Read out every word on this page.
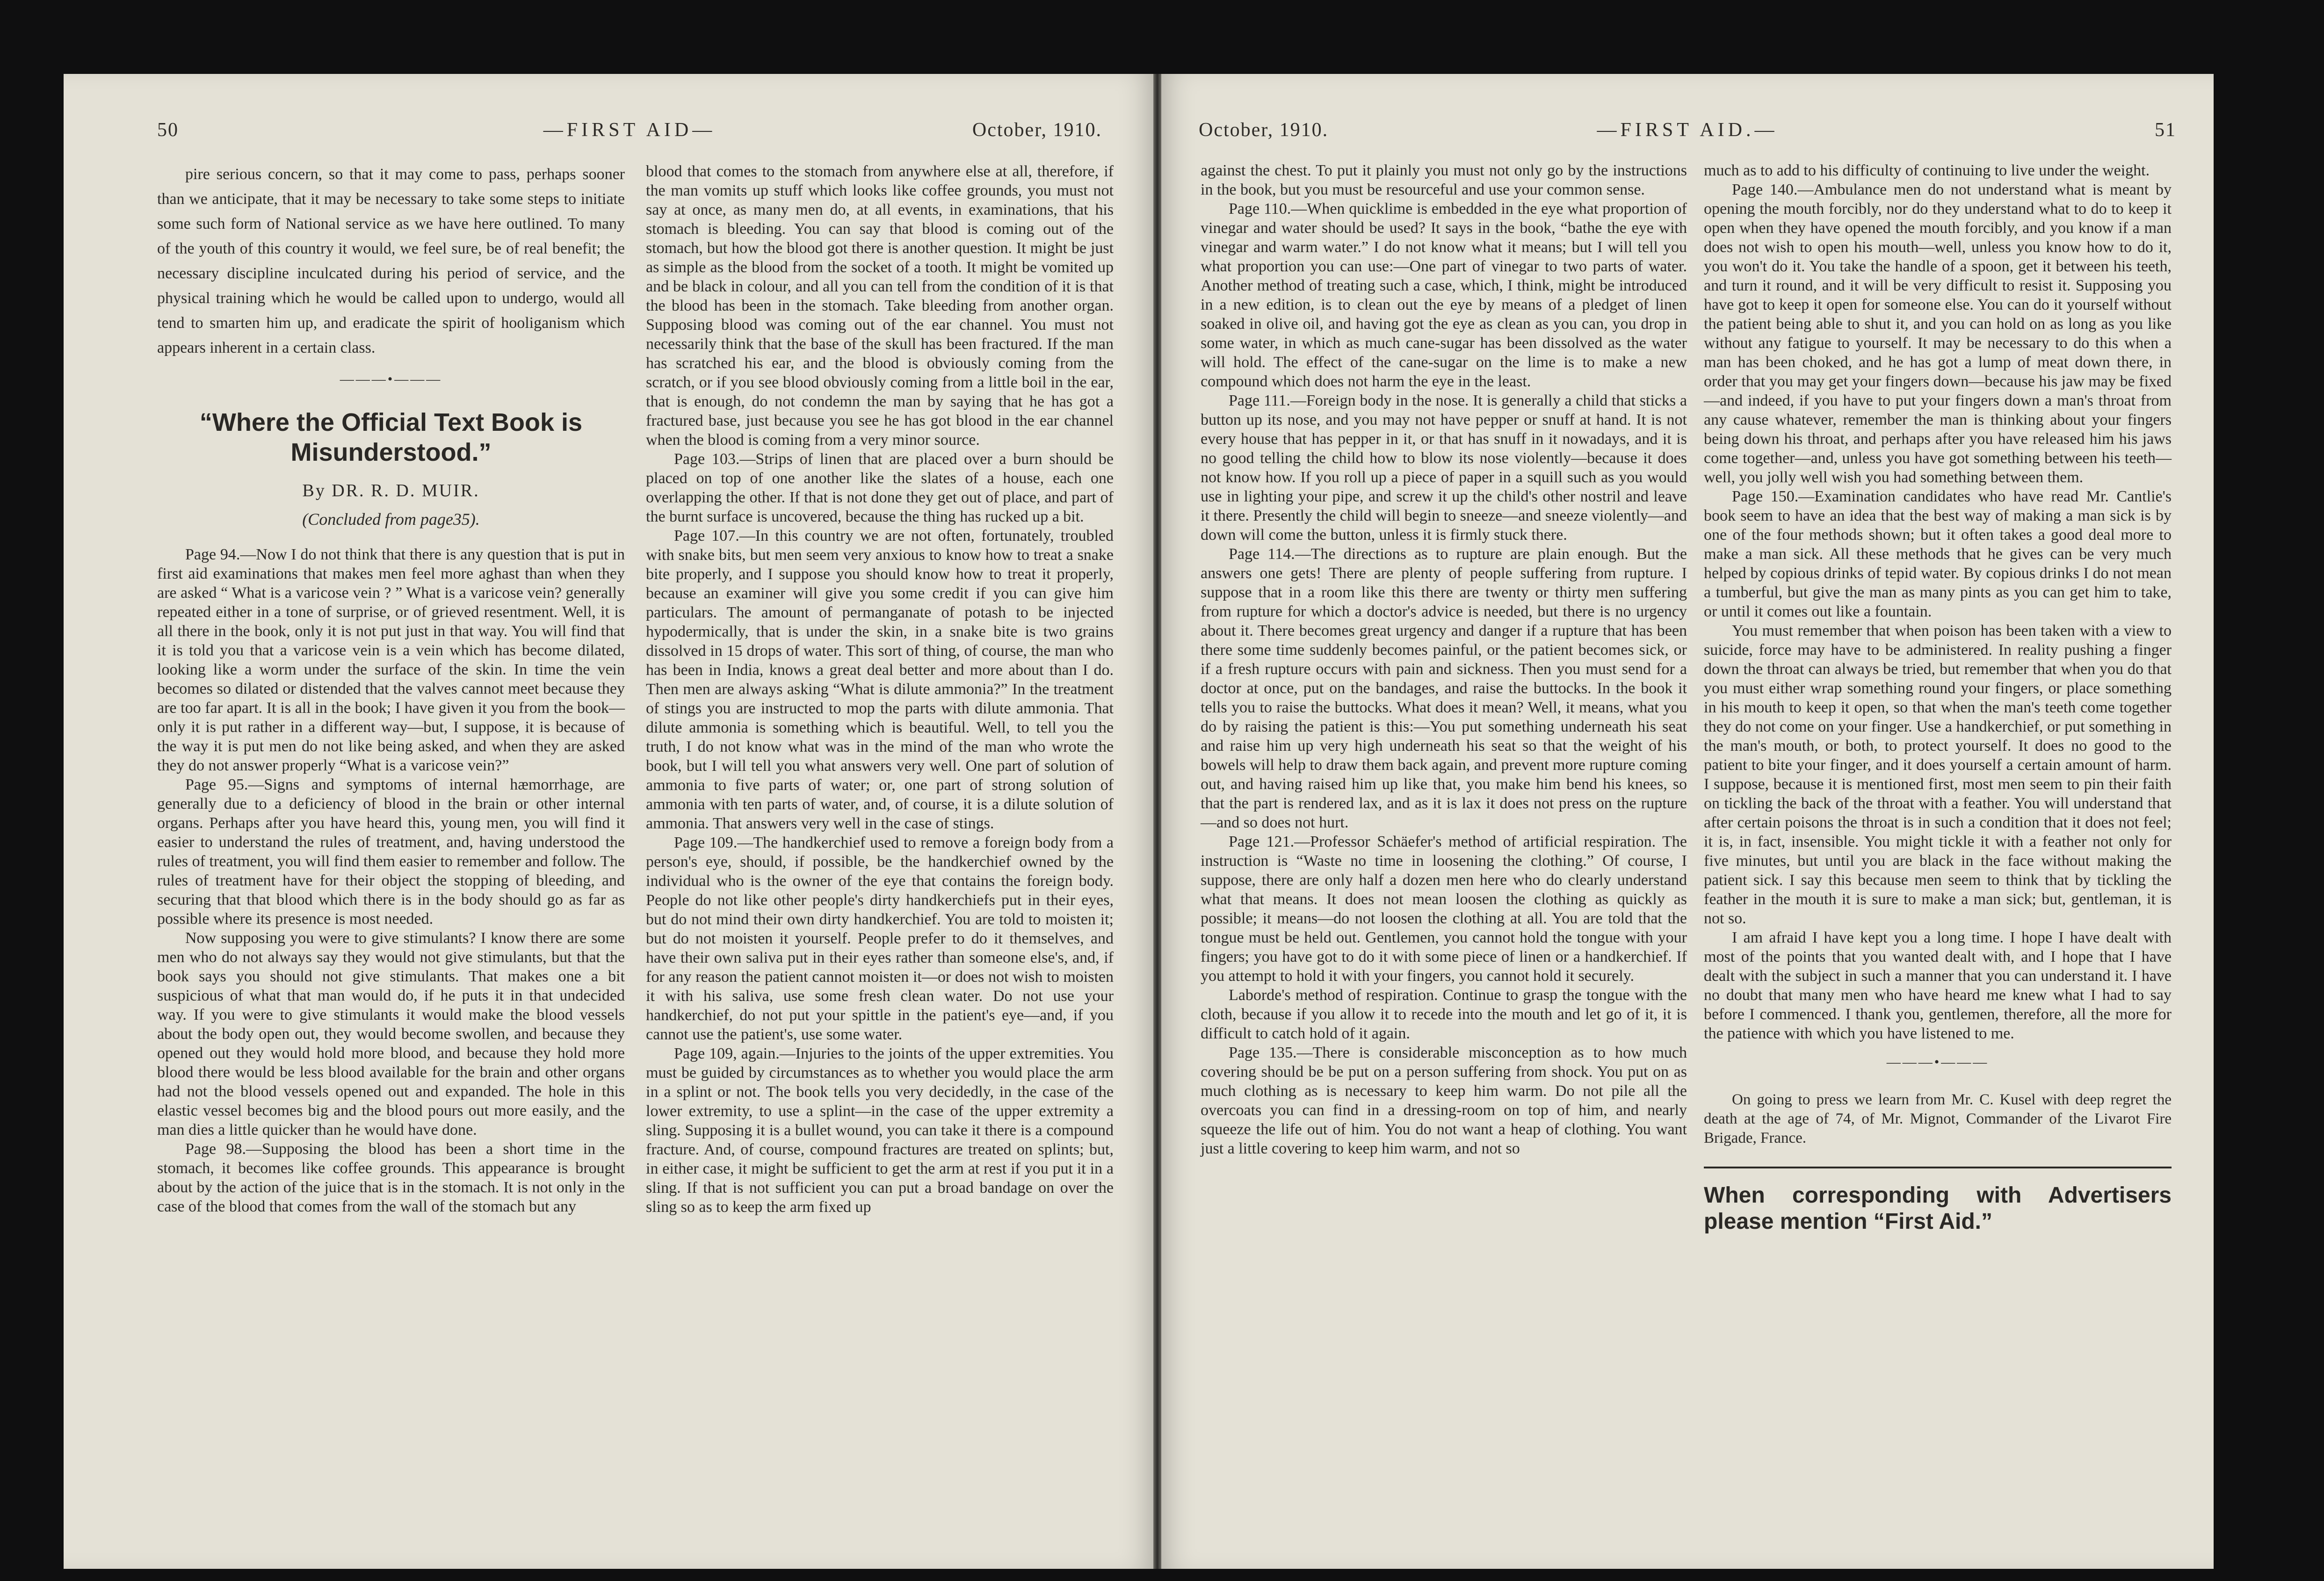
50	—FIRST AID—	October, 1910.

pire serious concern, so that it may come to pass, perhaps sooner than we anticipate, that it may be necessary to take some steps to initiate some such form of National service as we have here outlined. To many of the youth of this country it would, we feel sure, be of real benefit; the necessary discipline inculcated during his period of service, and the physical training which he would be called upon to undergo, would all tend to smarten him up, and eradicate the spirit of hooliganism which appears inherent in a certain class.

———•———
“Where the Official Text Book is Misunderstood.”
By DR. R. D. MUIR.
(Concluded from page35).

Page 94.—Now I do not think that there is any question that is put in first aid examinations that makes men feel more aghast than when they are asked “ What is a varicose vein ? ” What is a varicose vein? generally repeated either in a tone of surprise, or of grieved resentment. Well, it is all there in the book, only it is not put just in that way. You will find that it is told you that a varicose vein is a vein which has become dilated, looking like a worm under the surface of the skin. In time the vein becomes so dilated or distended that the valves cannot meet because they are too far apart. It is all in the book; I have given it you from the book—only it is put rather in a different way—but, I suppose, it is because of the way it is put men do not like being asked, and when they are asked they do not answer properly “What is a varicose vein?”

Page 95.—Signs and symptoms of internal hæmorrhage, are generally due to a deficiency of blood in the brain or other internal organs. Perhaps after you have heard this, young men, you will find it easier to understand the rules of treatment, and, having understood the rules of treatment, you will find them easier to remember and follow. The rules of treatment have for their object the stopping of bleeding, and securing that that blood which there is in the body should go as far as possible where its presence is most needed.

Now supposing you were to give stimulants? I know there are some men who do not always say they would not give stimulants, but that the book says you should not give stimulants. That makes one a bit suspicious of what that man would do, if he puts it in that undecided way. If you were to give stimulants it would make the blood vessels about the body open out, they would become swollen, and because they opened out they would hold more blood, and because they hold more blood there would be less blood available for the brain and other organs had not the blood vessels opened out and expanded. The hole in this elastic vessel becomes big and the blood pours out more easily, and the man dies a little quicker than he would have done.

Page 98.—Supposing the blood has been a short time in the stomach, it becomes like coffee grounds. This appearance is brought about by the action of the juice that is in the stomach. It is not only in the case of the blood that comes from the wall of the stomach but any

blood that comes to the stomach from anywhere else at all, therefore, if the man vomits up stuff which looks like coffee grounds, you must not say at once, as many men do, at all events, in examinations, that his stomach is bleeding. You can say that blood is coming out of the stomach, but how the blood got there is another question. It might be just as simple as the blood from the socket of a tooth. It might be vomited up and be black in colour, and all you can tell from the condition of it is that the blood has been in the stomach. Take bleeding from another organ. Supposing blood was coming out of the ear channel. You must not necessarily think that the base of the skull has been fractured. If the man has scratched his ear, and the blood is obviously coming from the scratch, or if you see blood obviously coming from a little boil in the ear, that is enough, do not condemn the man by saying that he has got a fractured base, just because you see he has got blood in the ear channel when the blood is coming from a very minor source.

Page 103.—Strips of linen that are placed over a burn should be placed on top of one another like the slates of a house, each one overlapping the other. If that is not done they get out of place, and part of the burnt surface is uncovered, because the thing has rucked up a bit.

Page 107.—In this country we are not often, fortunately, troubled with snake bits, but men seem very anxious to know how to treat a snake bite properly, and I suppose you should know how to treat it properly, because an examiner will give you some credit if you can give him particulars. The amount of permanganate of potash to be injected hypodermically, that is under the skin, in a snake bite is two grains dissolved in 15 drops of water. This sort of thing, of course, the man who has been in India, knows a great deal better and more about than I do. Then men are always asking “What is dilute ammonia?” In the treatment of stings you are instructed to mop the parts with dilute ammonia. That dilute ammonia is something which is beautiful. Well, to tell you the truth, I do not know what was in the mind of the man who wrote the book, but I will tell you what answers very well. One part of solution of ammonia to five parts of water; or, one part of strong solution of ammonia with ten parts of water, and, of course, it is a dilute solution of ammonia. That answers very well in the case of stings.

Page 109.—The handkerchief used to remove a foreign body from a person's eye, should, if possible, be the handkerchief owned by the individual who is the owner of the eye that contains the foreign body. People do not like other people's dirty handkerchiefs put in their eyes, but do not mind their own dirty handkerchief. You are told to moisten it; but do not moisten it yourself. People prefer to do it themselves, and have their own saliva put in their eyes rather than someone else's, and, if for any reason the patient cannot moisten it—or does not wish to moisten it with his saliva, use some fresh clean water. Do not use your handkerchief, do not put your spittle in the patient's eye—and, if you cannot use the patient's, use some water.

Page 109, again.—Injuries to the joints of the upper extremities. You must be guided by circumstances as to whether you would place the arm in a splint or not. The book tells you very decidedly, in the case of the lower extremity, to use a splint—in the case of the upper extremity a sling. Supposing it is a bullet wound, you can take it there is a compound fracture. And, of course, compound fractures are treated on splints; but, in either case, it might be sufficient to get the arm at rest if you put it in a sling. If that is not sufficient you can put a broad bandage on over the sling so as to keep the arm fixed up

October, 1910.	—FIRST AID.—	51

against the chest. To put it plainly you must not only go by the instructions in the book, but you must be resourceful and use your common sense.

Page 110.—When quicklime is embedded in the eye what proportion of vinegar and water should be used? It says in the book, “bathe the eye with vinegar and warm water.” I do not know what it means; but I will tell you what proportion you can use:—One part of vinegar to two parts of water. Another method of treating such a case, which, I think, might be introduced in a new edition, is to clean out the eye by means of a pledget of linen soaked in olive oil, and having got the eye as clean as you can, you drop in some water, in which as much cane-sugar has been dissolved as the water will hold. The effect of the cane-sugar on the lime is to make a new compound which does not harm the eye in the least.

Page 111.—Foreign body in the nose. It is generally a child that sticks a button up its nose, and you may not have pepper or snuff at hand. It is not every house that has pepper in it, or that has snuff in it nowadays, and it is no good telling the child how to blow its nose violently—because it does not know how. If you roll up a piece of paper in a squill such as you would use in lighting your pipe, and screw it up the child's other nostril and leave it there. Presently the child will begin to sneeze—and sneeze violently—and down will come the button, unless it is firmly stuck there.

Page 114.—The directions as to rupture are plain enough. But the answers one gets! There are plenty of people suffering from rupture. I suppose that in a room like this there are twenty or thirty men suffering from rupture for which a doctor's advice is needed, but there is no urgency about it. There becomes great urgency and danger if a rupture that has been there some time suddenly becomes painful, or the patient becomes sick, or if a fresh rupture occurs with pain and sickness. Then you must send for a doctor at once, put on the bandages, and raise the buttocks. In the book it tells you to raise the buttocks. What does it mean? Well, it means, what you do by raising the patient is this:—You put something underneath his seat and raise him up very high underneath his seat so that the weight of his bowels will help to draw them back again, and prevent more rupture coming out, and having raised him up like that, you make him bend his knees, so that the part is rendered lax, and as it is lax it does not press on the rupture—and so does not hurt.

Page 121.—Professor Schäefer's method of artificial respiration. The instruction is “Waste no time in loosening the clothing.” Of course, I suppose, there are only half a dozen men here who do clearly understand what that means. It does not mean loosen the clothing as quickly as possible; it means—do not loosen the clothing at all. You are told that the tongue must be held out. Gentlemen, you cannot hold the tongue with your fingers; you have got to do it with some piece of linen or a handkerchief. If you attempt to hold it with your fingers, you cannot hold it securely.

Laborde's method of respiration. Continue to grasp the tongue with the cloth, because if you allow it to recede into the mouth and let go of it, it is difficult to catch hold of it again.

Page 135.—There is considerable misconception as to how much covering should be be put on a person suffering from shock. You put on as much clothing as is necessary to keep him warm. Do not pile all the overcoats you can find in a dressing-room on top of him, and nearly squeeze the life out of him. You do not want a heap of clothing. You want just a little covering to keep him warm, and not so

much as to add to his difficulty of continuing to live under the weight.

Page 140.—Ambulance men do not understand what is meant by opening the mouth forcibly, nor do they understand what to do to keep it open when they have opened the mouth forcibly, and you know if a man does not wish to open his mouth—well, unless you know how to do it, you won't do it. You take the handle of a spoon, get it between his teeth, and turn it round, and it will be very difficult to resist it. Supposing you have got to keep it open for someone else. You can do it yourself without the patient being able to shut it, and you can hold on as long as you like without any fatigue to yourself. It may be necessary to do this when a man has been choked, and he has got a lump of meat down there, in order that you may get your fingers down—because his jaw may be fixed—and indeed, if you have to put your fingers down a man's throat from any cause whatever, remember the man is thinking about your fingers being down his throat, and perhaps after you have released him his jaws come together—and, unless you have got something between his teeth—well, you jolly well wish you had something between them.

Page 150.—Examination candidates who have read Mr. Cantlie's book seem to have an idea that the best way of making a man sick is by one of the four methods shown; but it often takes a good deal more to make a man sick. All these methods that he gives can be very much helped by copious drinks of tepid water. By copious drinks I do not mean a tumberful, but give the man as many pints as you can get him to take, or until it comes out like a fountain.

You must remember that when poison has been taken with a view to suicide, force may have to be administered. In reality pushing a finger down the throat can always be tried, but remember that when you do that you must either wrap something round your fingers, or place something in his mouth to keep it open, so that when the man's teeth come together they do not come on your finger. Use a handkerchief, or put something in the man's mouth, or both, to protect yourself. It does no good to the patient to bite your finger, and it does yourself a certain amount of harm. I suppose, because it is mentioned first, most men seem to pin their faith on tickling the back of the throat with a feather. You will understand that after certain poisons the throat is in such a condition that it does not feel; it is, in fact, insensible. You might tickle it with a feather not only for five minutes, but until you are black in the face without making the patient sick. I say this because men seem to think that by tickling the feather in the mouth it is sure to make a man sick; but, gentleman, it is not so.

I am afraid I have kept you a long time. I hope I have dealt with most of the points that you wanted dealt with, and I hope that I have dealt with the subject in such a manner that you can understand it. I have no doubt that many men who have heard me knew what I had to say before I commenced. I thank you, gentlemen, therefore, all the more for the patience with which you have listened to me.

———•———

On going to press we learn from Mr. C. Kusel with deep regret the death at the age of 74, of Mr. Mignot, Commander of the Livarot Fire Brigade, France.

When corresponding with Advertisers please mention “First Aid.”
